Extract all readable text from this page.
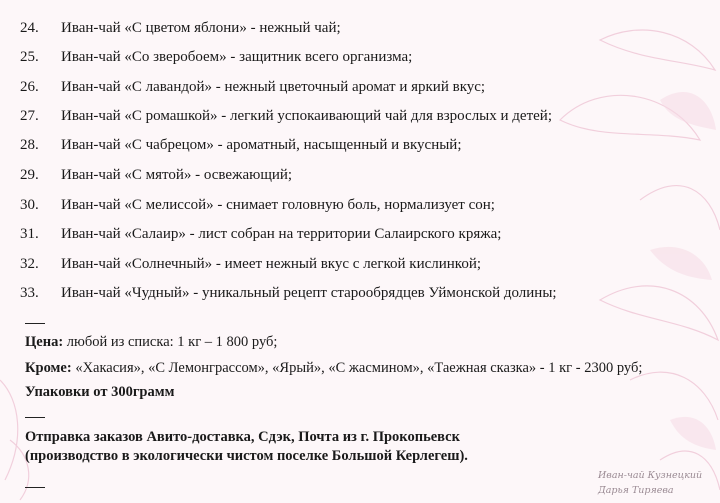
24.	Иван-чай «С цветом яблони» - нежный чай;
25.	Иван-чай «Со зверобоем» - защитник всего организма;
26.	Иван-чай «С лавандой» - нежный цветочный аромат и яркий вкус;
27.	Иван-чай «С ромашкой» - легкий успокаивающий чай для взрослых и детей;
28.	Иван-чай «С чабрецом» - ароматный, насыщенный и вкусный;
29.	Иван-чай «С мятой» - освежающий;
30.	Иван-чай «С мелиссой» - снимает головную боль, нормализует сон;
31.	Иван-чай «Салаир» - лист собран на территории Салаирского кряжа;
32.	Иван-чай «Солнечный» - имеет нежный вкус с легкой кислинкой;
33.	Иван-чай «Чудный» - уникальный рецепт старообрядцев Уймонской долины;
Цена: любой из списка: 1 кг – 1 800 руб;
Кроме: «Хакасия», «С Лемонграссом», «Ярый», «С жасмином», «Таежная сказка» - 1 кг - 2300 руб;
Упаковки от 300грамм
Отправка заказов Авито-доставка, Сдэк, Почта из г. Прокопьевск
(производство в экологически чистом поселке Большой Керлегеш).
Иван-чай Кузнецкий
Дарья Тиряева
